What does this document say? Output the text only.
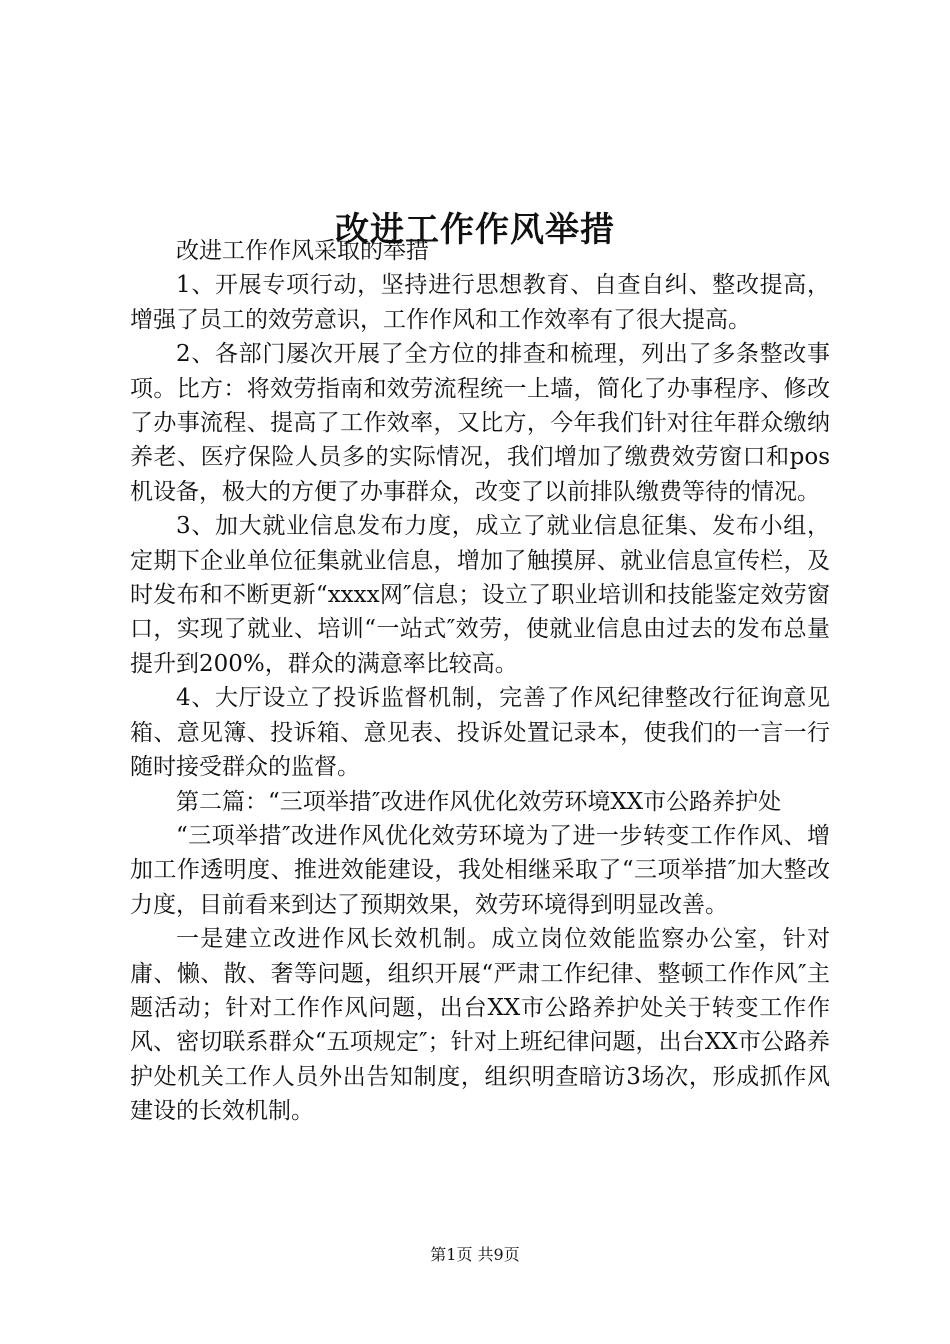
改进工作作风举措

改进工作作风采取的举措

1、开展专项行动，坚持进行思想教育、自查自纠、整改提高，增强了员工的效劳意识，工作作风和工作效率有了很大提高。

2、各部门屡次开展了全方位的排查和梳理，列出了多条整改事项。比方：将效劳指南和效劳流程统一上墙，简化了办事程序、修改了办事流程、提高了工作效率，又比方，今年我们针对往年群众缴纳养老、医疗保险人员多的实际情况，我们增加了缴费效劳窗口和pos机设备，极大的方便了办事群众，改变了以前排队缴费等待的情况。

3、加大就业信息发布力度，成立了就业信息征集、发布小组，定期下企业单位征集就业信息，增加了触摸屏、就业信息宣传栏，及时发布和不断更新“xxxx网″信息；设立了职业培训和技能鉴定效劳窗口，实现了就业、培训“一站式″效劳，使就业信息由过去的发布总量提升到200%，群众的满意率比较高。

4、大厅设立了投诉监督机制，完善了作风纪律整改行征询意见箱、意见簿、投诉箱、意见表、投诉处置记录本，使我们的一言一行随时接受群众的监督。

第二篇：“三项举措″改进作风优化效劳环境XX市公路养护处

“三项举措″改进作风优化效劳环境为了进一步转变工作作风、增加工作透明度、推进效能建设，我处相继采取了“三项举措″加大整改力度，目前看来到达了预期效果，效劳环境得到明显改善。

一是建立改进作风长效机制。成立岗位效能监察办公室，针对庸、懒、散、奢等问题，组织开展“严肃工作纪律、整顿工作作风″主题活动；针对工作作风问题，出台XX市公路养护处关于转变工作作风、密切联系群众“五项规定″；针对上班纪律问题，出台XX市公路养护处机关工作人员外出告知制度，组织明查暗访3场次，形成抓作风建设的长效机制。

第1页 共9页
